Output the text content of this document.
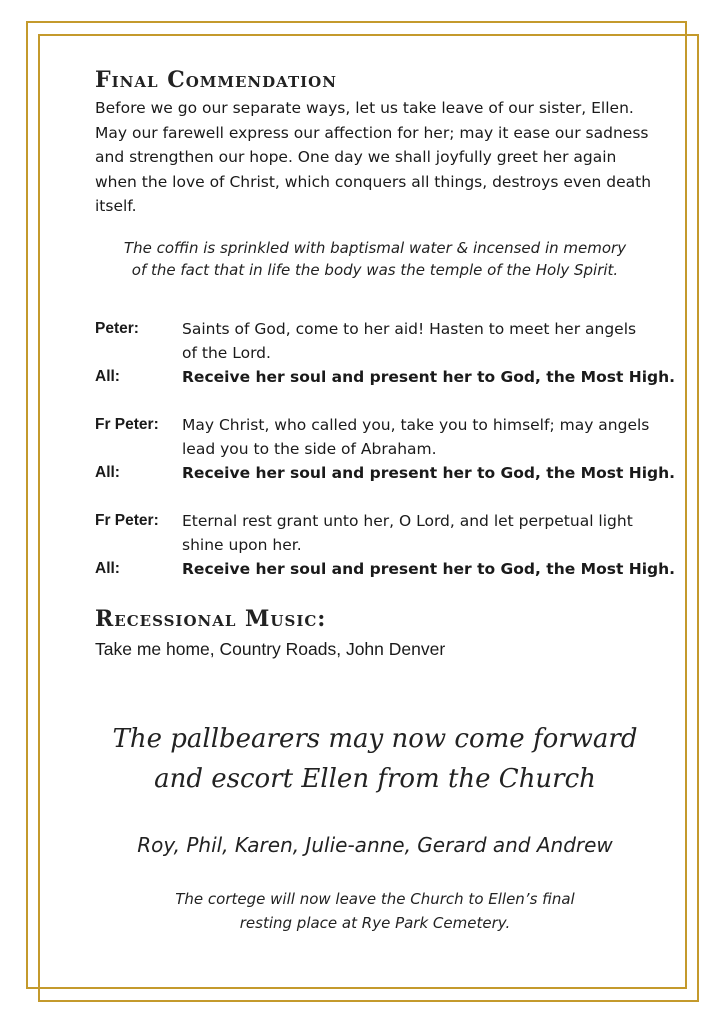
Final Commendation

Before we go our separate ways, let us take leave of our sister, Ellen. May our farewell express our affection for her; may it ease our sadness and strengthen our hope. One day we shall joyfully greet her again when the love of Christ, which conquers all things, destroys even death itself.

The coffin is sprinkled with baptismal water & incensed in memory
of the fact that in life the body was the temple of the Holy Spirit.
Peter:	Saints of God, come to her aid! Hasten to meet her angels of the Lord.
All:	Receive her soul and present her to God, the Most High.
Fr Peter:	May Christ, who called you, take you to himself; may angels lead you to the side of Abraham.
All:	Receive her soul and present her to God, the Most High.
Fr Peter:	Eternal rest grant unto her, O Lord, and let perpetual light shine upon her.
All:	Receive her soul and present her to God, the Most High.
Recessional Music:
Take me home, Country Roads, John Denver
The pallbearers may now come forward
and escort Ellen from the Church
Roy, Phil, Karen, Julie-anne, Gerard and Andrew
The cortege will now leave the Church to Ellen’s final
resting place at Rye Park Cemetery.
